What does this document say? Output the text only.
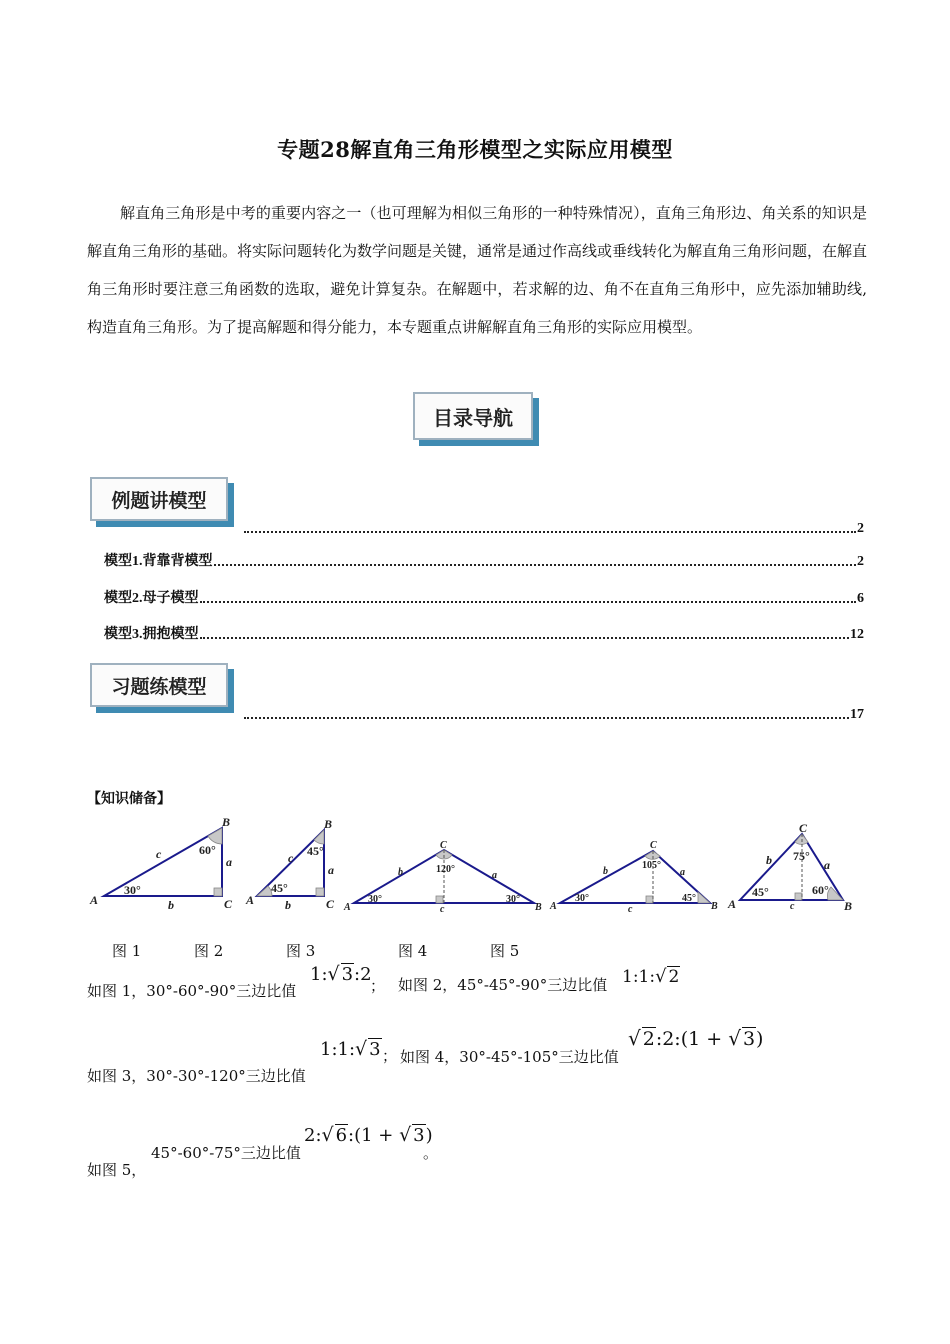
专题28解直角三角形模型之实际应用模型
解直角三角形是中考的重要内容之一（也可理解为相似三角形的一种特殊情况），直角三角形边、角关系的知识是解直角三角形的基础。将实际问题转化为数学问题是关键，通常是通过作高线或垂线转化为解直角三角形问题，在解直角三角形时要注意三角函数的选取，避免计算复杂。在解题中，若求解的边、角不在直角三角形中，应先添加辅助线,构造直角三角形。为了提高解题和得分能力，本专题重点讲解解直角三角形的实际应用模型。
目录导航
例题讲模型
2
模型1.背靠背模型	2
模型2.母子模型	6
模型3.拥抱模型	12
习题练模型
17
【知识储备】
A
B
C
a
b
c
30°
60°
A
B
C
a
b
c
45°
45°
A	B
C
a
b
c
30°	30°
120°
A	B
C
a
b
c
30°	45°
105°
A	B
C
a
b
c
45°	60°
75°
图 1	图 2	图 3	图 4	图 5
如图 1，30°-60°-90°三边比值
1:√ 3:2
； 如图 2，45°-45°-90°三边比值 1:1:√ 2
1:1:√ 3 ； 如图 4，30°-45°-105°三边比值
√ 2:2:(1 + √ 3)
如图 3，30°-30°-120°三边比值
2:√ 6:(1 + √ 3)
45°-60°-75°三边比值	。
如图 5，
